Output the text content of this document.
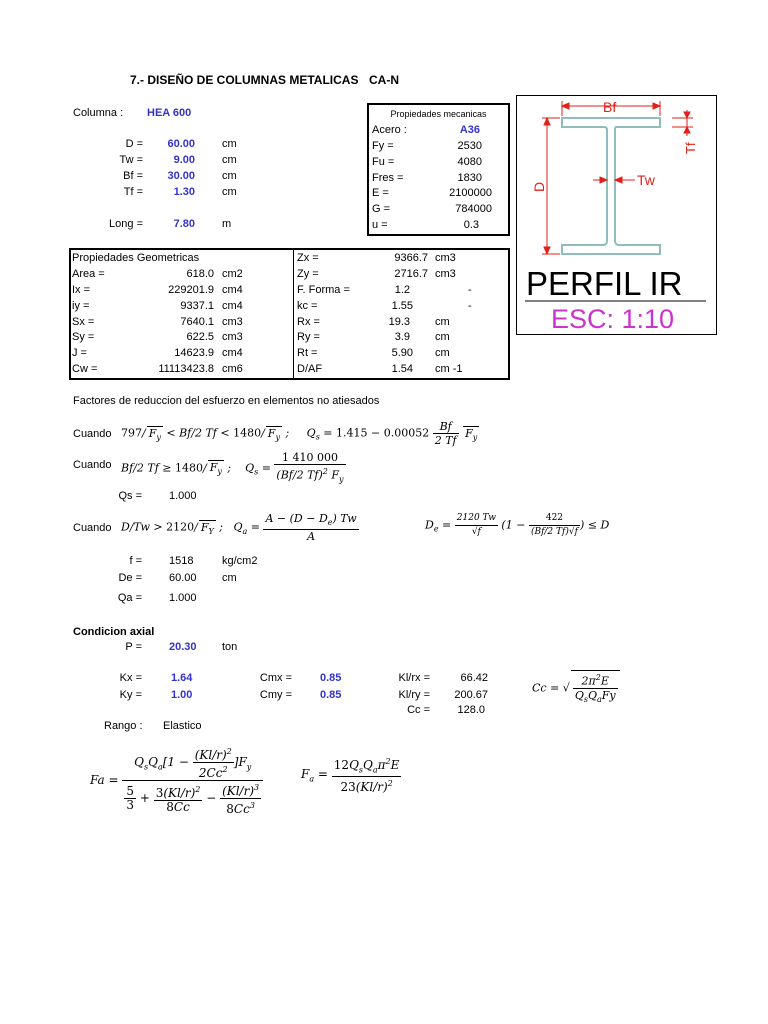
7.- DISEÑO DE COLUMNAS METALICAS CA-N
Columna : HEA 600
D =	60.00 cm
Tw =	9.00 cm
Bf =	30.00 cm
Tf =	1.30 cm
Long =	7.80 m
Propiedades mecanicas
Acero :	A36
Fy =	2530
Fu =	4080
Fres =	1830
E =	2100000
G =	784000
u =	0.3
Bf
Tw
D
Tf
PERFIL IR
ESC: 1:10
Propiedades Geometricas
Area =	618.0 cm2
Ix =	229201.9 cm4
iy =	9337.1 cm4
Sx =	7640.1 cm3
Sy =	622.5 cm3
J =	14623.9 cm4
Cw =	11113423.8 cm6
Zx =	9366.7 cm3
Zy =	2716.7 cm3
F. Forma =	1.2	-
kc =	1.55	-
Rx =	19.3 cm
Ry =	3.9 cm
Rt =	5.90 cm
D/AF	1.54 cm -1
Factores de reduccion del esfuerzo en elementos no atiesados
Cuando 797/ $F_y < Bf/2$ Tf < 1480/ $F_y$ ;     $Q_s = 1.415 - 0.00052 \frac{Bf}{2 Tf} F_y$
Cuando Bf/2 Tf ≥ 1480/ $F_y$ ;    $Q_s = \frac{1 410 000}{(Bf/2 Tf)^2 F_y}$
Qs = 1.000
Cuando D/Tw > 2120/ $F_Y$ ;   $Q_a = \frac{A - (D - D_e) Tw}{A}$	$D_e = \frac{2120 Tw}{√f} (1 - \frac{422}{(Bf/2 Tf)√f}$ ) ≤ D
f = 1518	kg/cm2
De = 60.00 cm
Qa = 1.000
Condicion axial
P = 20.30 ton
Kx =	1.64
Ky =	1.00
Cmx =	0.85
Cmy =	0.85
Kl/rx =	66.42
Kl/ry =	200.67
Cc =	128.0
Cc = √ $\frac{2\pi^2E}{Q_sQ_aFy}$
Rango : Elastico
$Fa = \frac{Q_sQ_a[1 - \frac{(Kl/r)^2}{2Cc^2} ]F_y}{\frac{5}{3} + \frac{3(Kl/r)^2}{8Cc} - \frac{(Kl/r)^3}{8Cc^3}}$	$F_a = \frac{12Q_sQ_a\pi^2E}{23(Kl/r)^2}$
